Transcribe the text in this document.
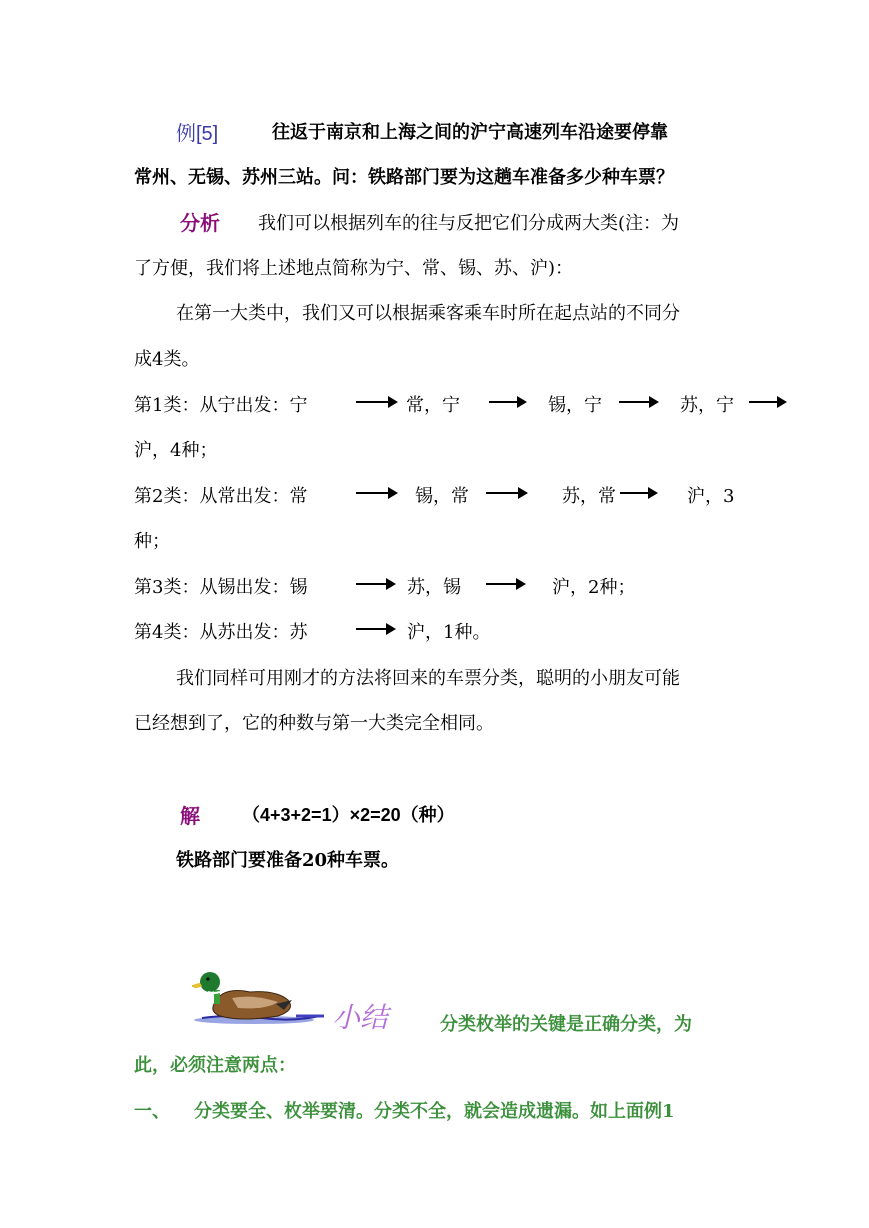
例[5]	往返于南京和上海之间的沪宁高速列车沿途要停靠
常州、无锡、苏州三站。问：铁路部门要为这趟车准备多少种车票？
分析 我们可以根据列车的往与反把它们分成两大类(注：为
了方便，我们将上述地点简称为宁、常、锡、苏、沪)：
在第一大类中，我们又可以根据乘客乘车时所在起点站的不同分
成4类。
第1类：从宁出发：宁	常，宁	锡，宁	苏，宁
沪，4种；
第2类：从常出发：常	锡，常	苏，常	沪，3
种；
第3类：从锡出发：锡	苏，锡	沪，2种；
第4类：从苏出发：苏	沪，1种。
我们同样可用刚才的方法将回来的车票分类，聪明的小朋友可能
已经想到了，它的种数与第一大类完全相同。
解 （4+3+2=1）×2=20（种）
铁路部门要准备20种车票。
小结	分类枚举的关键是正确分类，为
此，必须注意两点：
一、 分类要全、枚举要清。分类不全，就会造成遗漏。如上面例1
